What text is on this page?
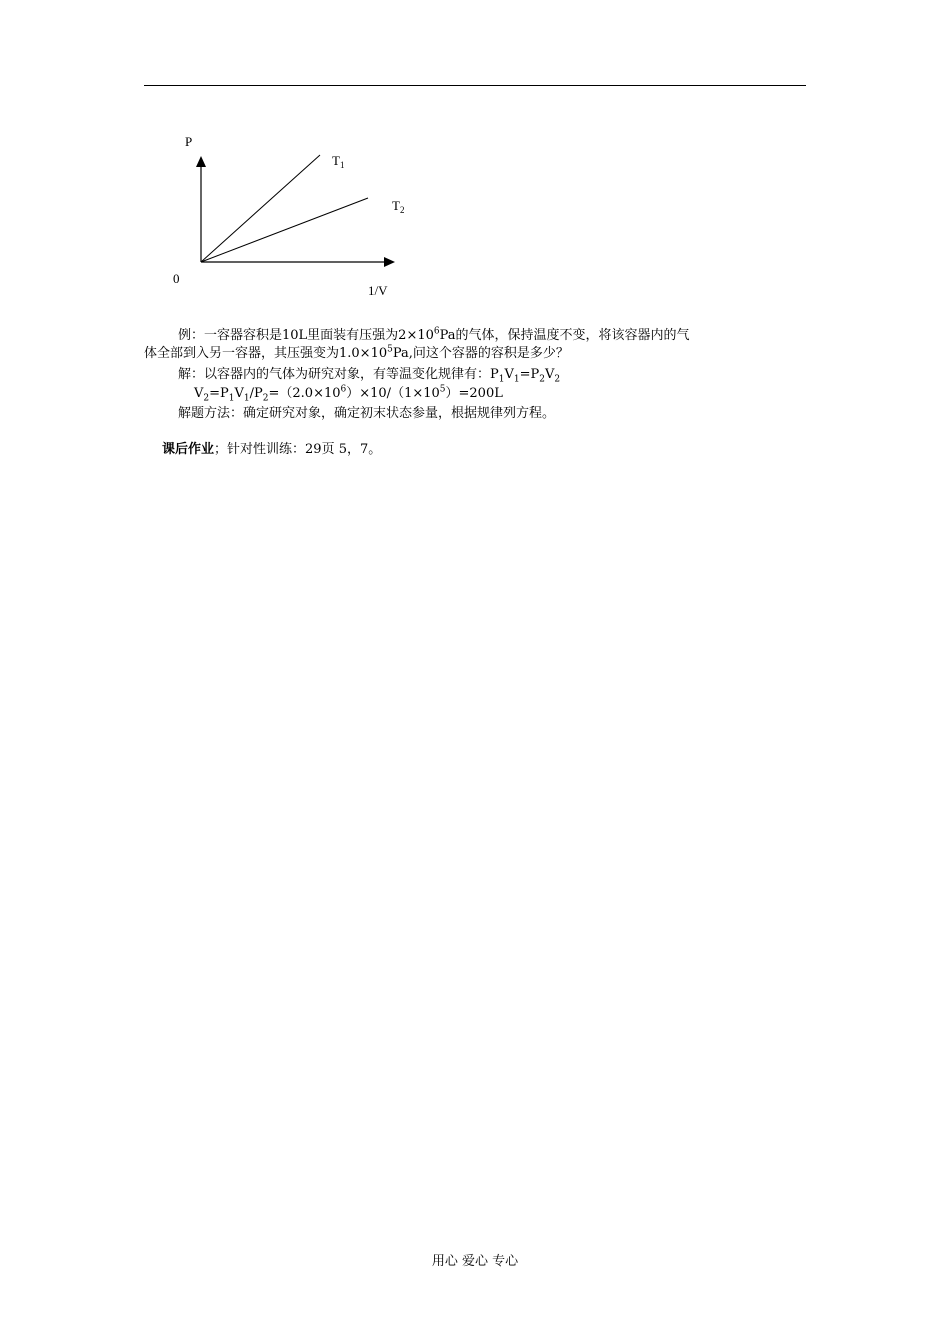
P
0
1/V
$T_1$
$T_2$
例：一容器容积是10L里面装有压强为$2\times 10^6Pa$的气体，保持温度不变，将该容器内的气
体全部到入另一容器，其压强变为$1.0\times 10^5Pa$,问这个容器的容积是多少？
解：以容器内的气体为研究对象，有等温变化规律有：$P_1V_1=P_2V_2$
$V_2=P_1V_1/P_2=(2.0\times 10^6)\times 10/(1\times 10^5)=200L$
解题方法：确定研究对象，确定初末状态参量，根据规律列方程。
课后作业；针对性训练：29页 5，7。
用心 爱心 专心
